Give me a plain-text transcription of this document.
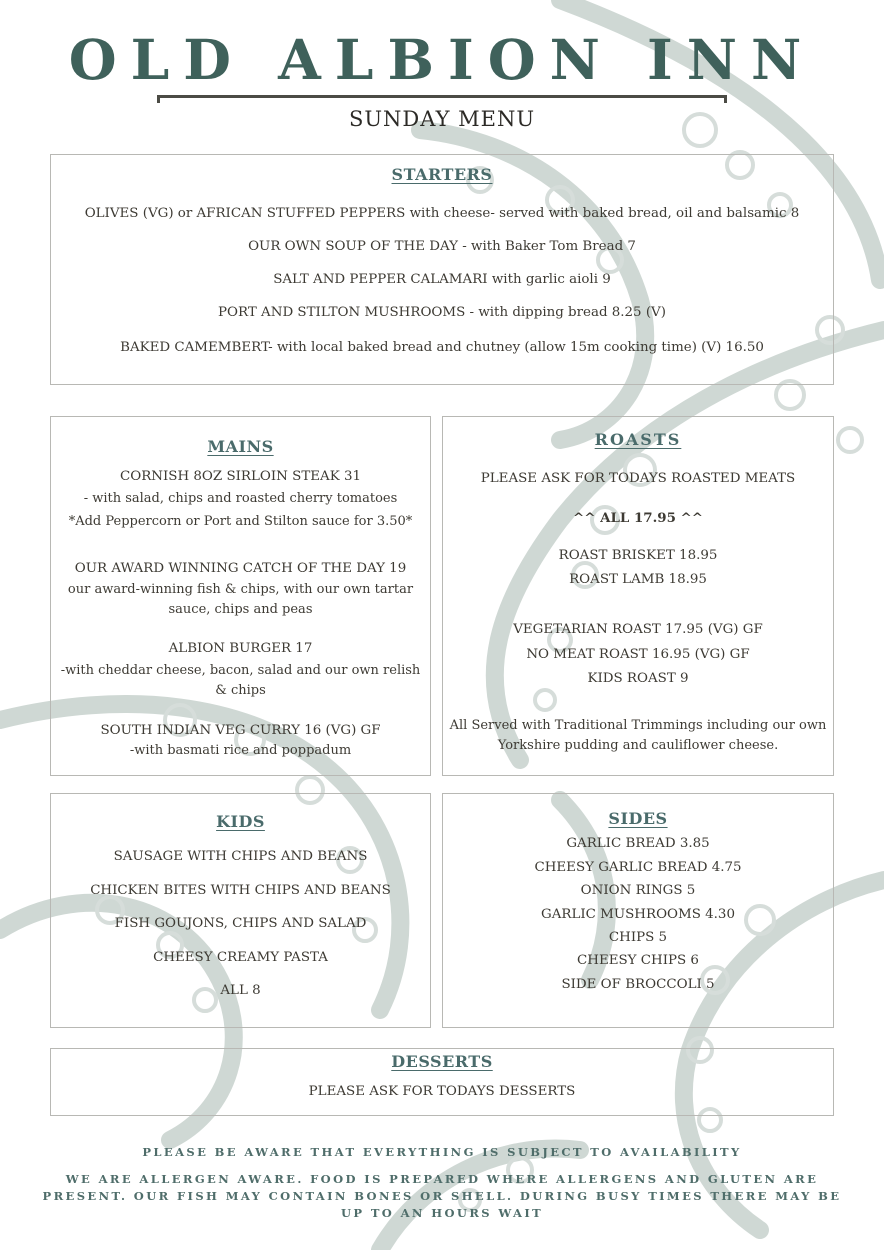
OLD ALBION INN
SUNDAY MENU
STARTERS
OLIVES (VG) or AFRICAN STUFFED PEPPERS with cheese- served with baked bread, oil and balsamic 8
OUR OWN SOUP OF THE DAY - with Baker Tom Bread 7
SALT AND PEPPER CALAMARI with garlic aioli 9
PORT AND STILTON MUSHROOMS - with dipping bread 8.25 (V)
BAKED CAMEMBERT- with local baked bread and chutney (allow 15m cooking time) (V) 16.50
MAINS
CORNISH 8OZ SIRLOIN STEAK 31
- with salad, chips and roasted cherry tomatoes
*Add Peppercorn or Port and Stilton sauce for 3.50*
OUR AWARD WINNING CATCH OF THE DAY 19
our award-winning fish & chips, with our own tartar
sauce, chips and peas
ALBION BURGER 17
-with cheddar cheese, bacon, salad and our own relish
& chips
SOUTH INDIAN VEG CURRY 16 (VG) GF
-with basmati rice and poppadum
ROASTS
PLEASE ASK FOR TODAYS ROASTED MEATS
^^ ALL 17.95 ^^
ROAST BRISKET 18.95
ROAST LAMB 18.95
VEGETARIAN ROAST 17.95 (VG) GF
NO MEAT ROAST 16.95 (VG) GF
KIDS ROAST 9
All Served with Traditional Trimmings including our own
Yorkshire pudding and cauliflower cheese.
KIDS
SAUSAGE WITH CHIPS AND BEANS
CHICKEN BITES WITH CHIPS AND BEANS
FISH GOUJONS, CHIPS AND SALAD
CHEESY CREAMY PASTA
ALL 8
SIDES
GARLIC BREAD 3.85
CHEESY GARLIC BREAD 4.75
ONION RINGS 5
GARLIC MUSHROOMS 4.30
CHIPS 5
CHEESY CHIPS 6
SIDE OF BROCCOLI 5
DESSERTS
PLEASE ASK FOR TODAYS DESSERTS
PLEASE BE AWARE THAT EVERYTHING IS SUBJECT TO AVAILABILITY
WE ARE ALLERGEN AWARE. FOOD IS PREPARED WHERE ALLERGENS AND GLUTEN ARE
PRESENT. OUR FISH MAY CONTAIN BONES OR SHELL. DURING BUSY TIMES THERE MAY BE
UP TO AN HOURS WAIT
